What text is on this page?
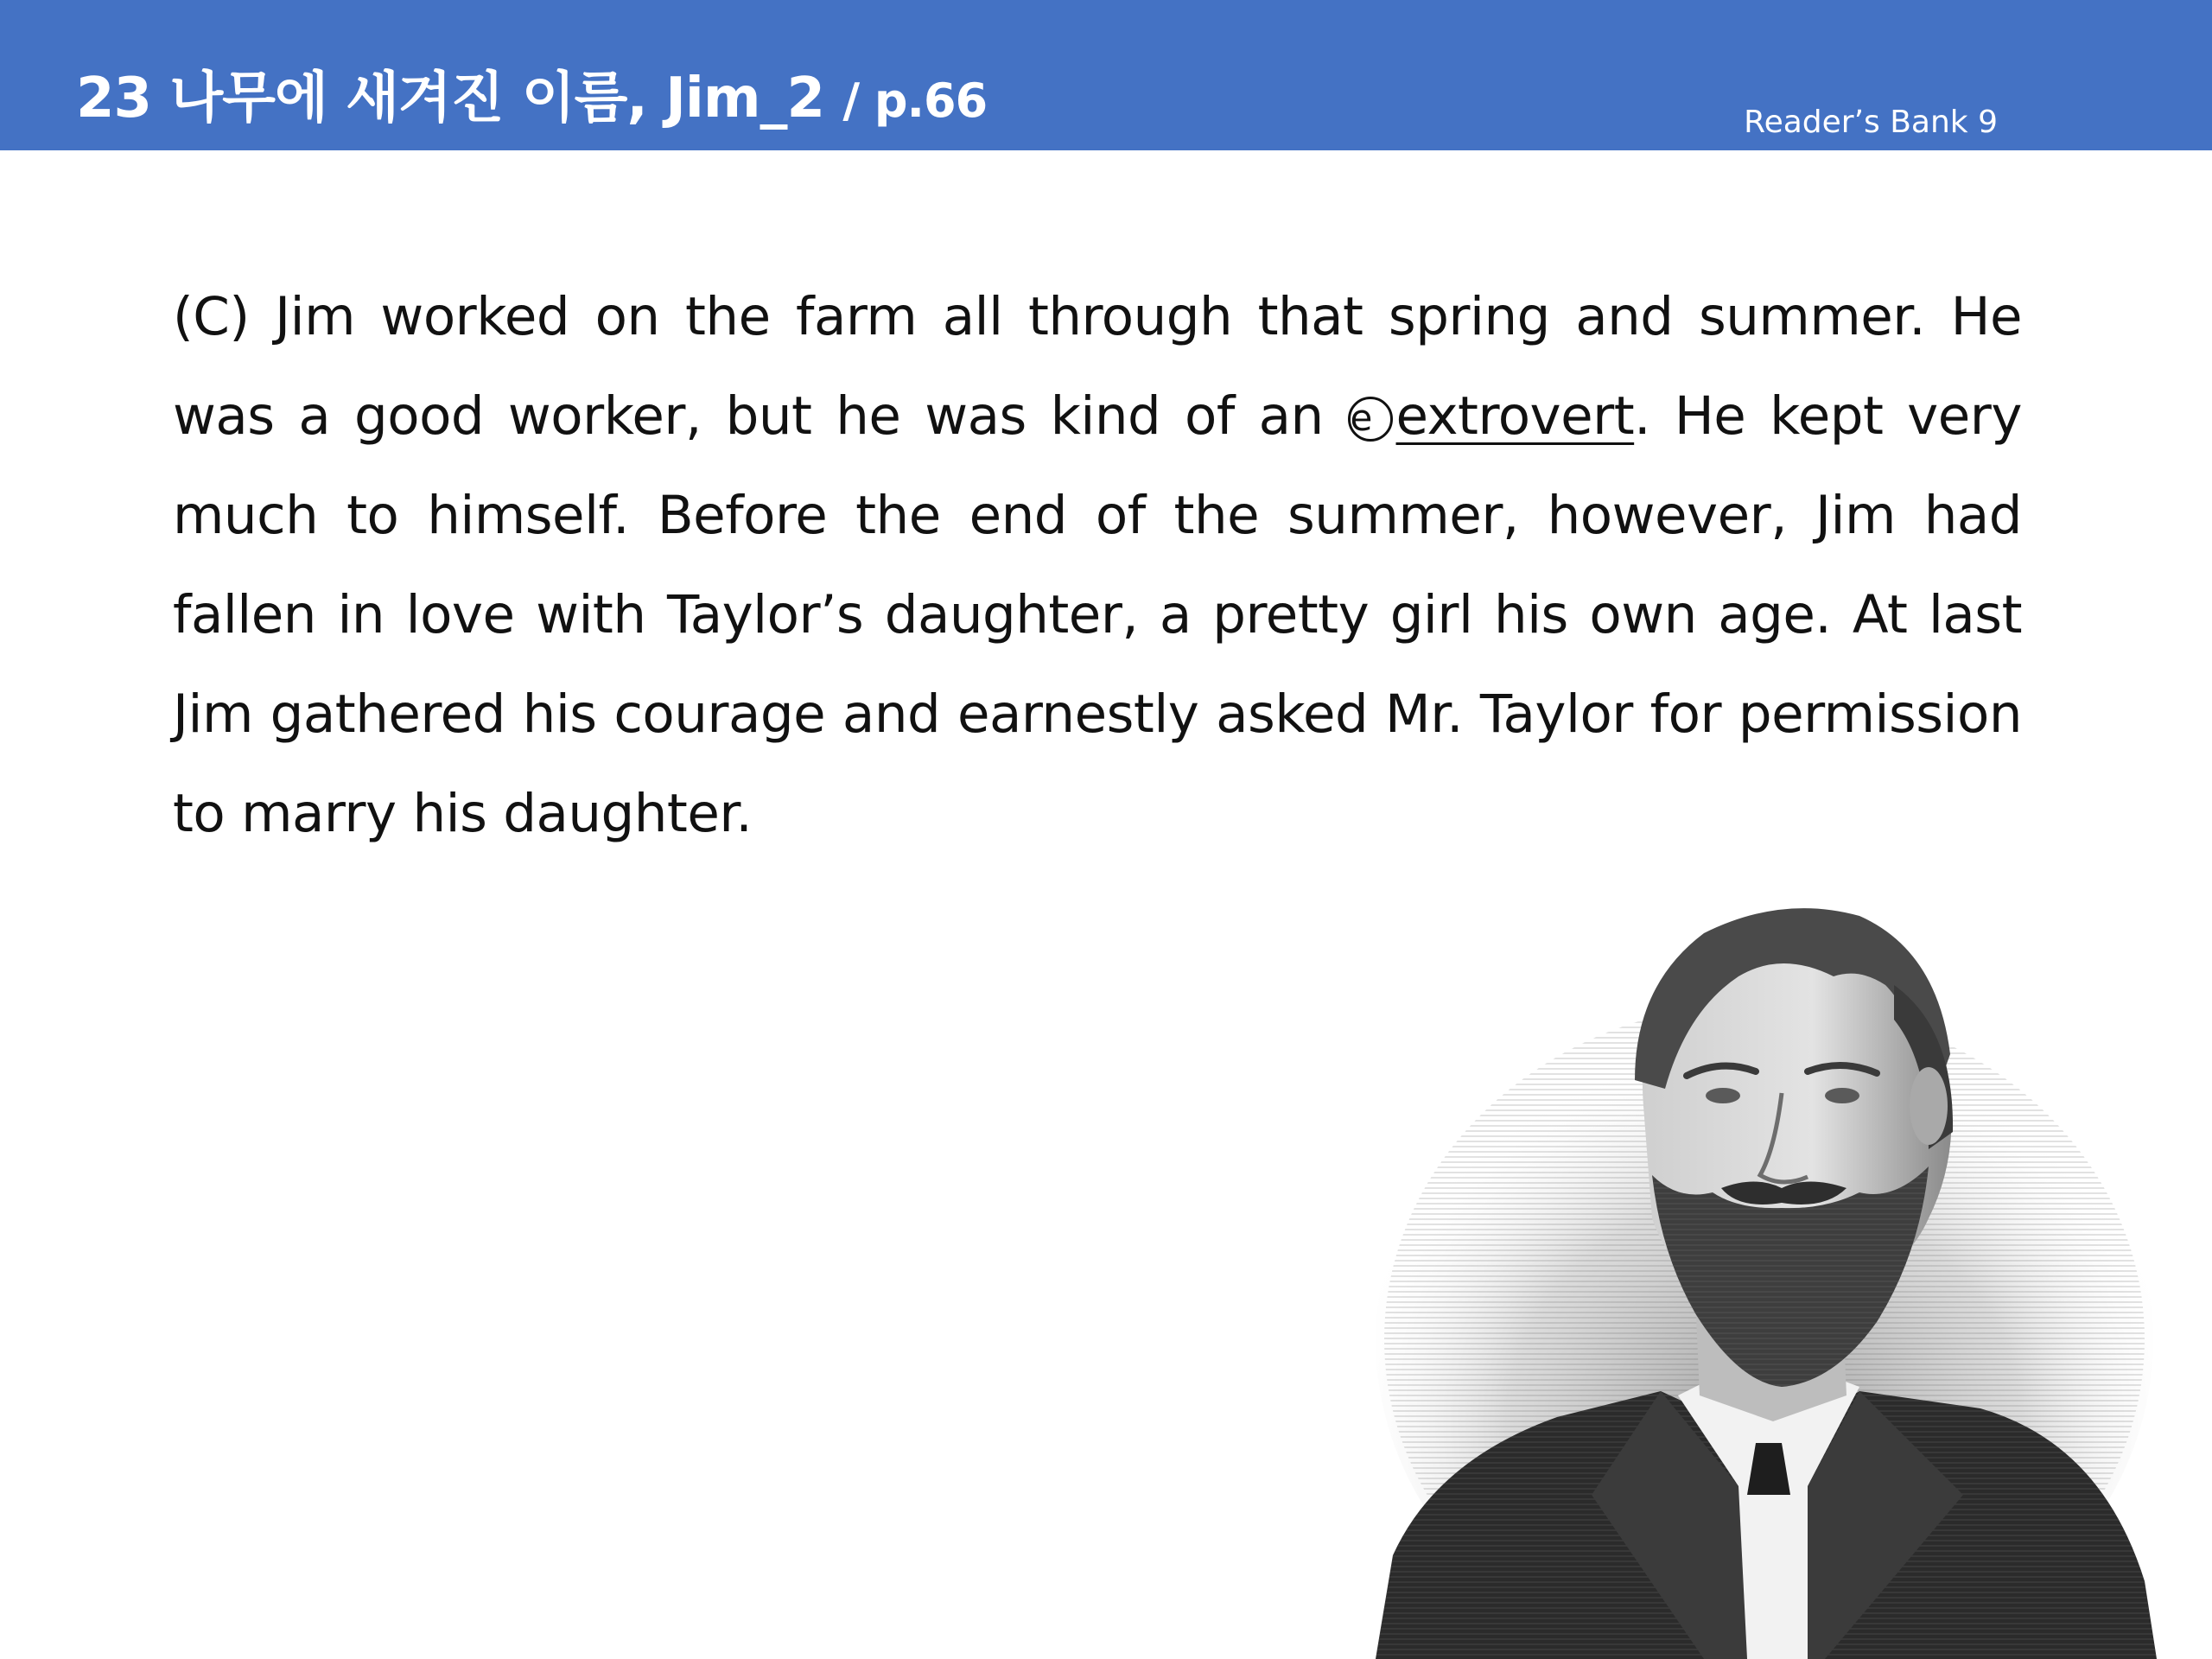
23 나무에 새겨진 이름, Jim_2 / p.66	Reader’s Bank 9
(C) Jim worked on the farm all through that spring and summer. He was a good worker, but he was kind of an e extrovert. He kept very much to himself. Before the end of the summer, however, Jim had fallen in love with Taylor’s daughter, a pretty girl his own age. At last Jim gathered his courage and earnestly asked Mr. Taylor for permission to marry his daughter.
